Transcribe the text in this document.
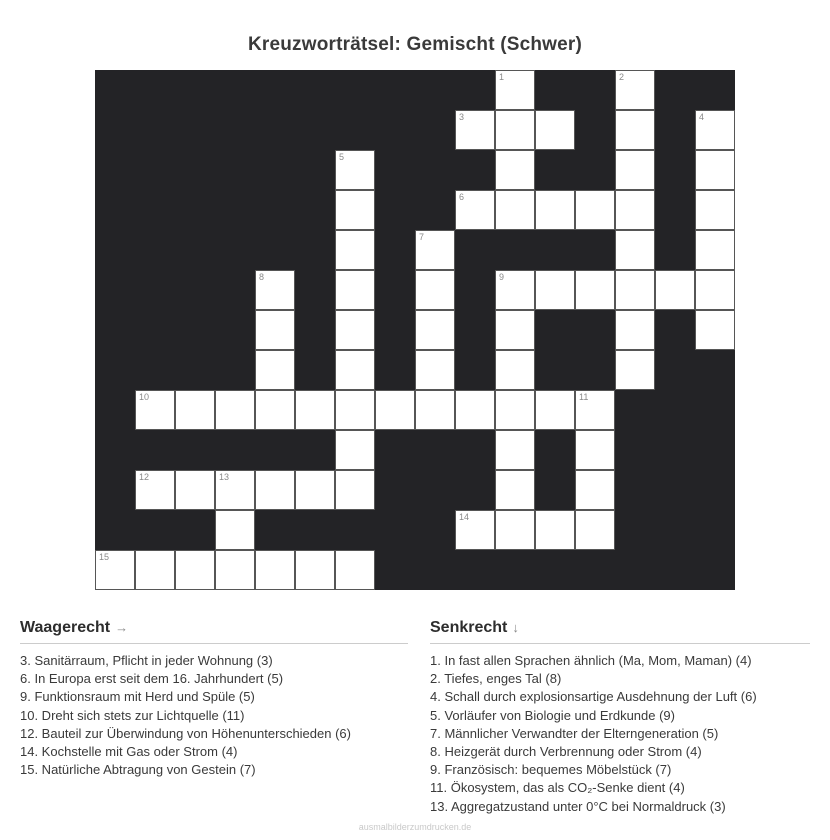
Kreuzworträtsel: Gemischt (Schwer)
1	2
3	4
5
6
7
8	9
10	11
12	13
14
15
Waagerecht →
3. Sanitärraum, Pflicht in jeder Wohnung (3)
6. In Europa erst seit dem 16. Jahrhundert (5)
9. Funktionsraum mit Herd und Spüle (5)
10. Dreht sich stets zur Lichtquelle (11)
12. Bauteil zur Überwindung von Höhenunterschieden (6)
14. Kochstelle mit Gas oder Strom (4)
15. Natürliche Abtragung von Gestein (7)
Senkrecht ↓
1. In fast allen Sprachen ähnlich (Ma, Mom, Maman) (4)
2. Tiefes, enges Tal (8)
4. Schall durch explosionsartige Ausdehnung der Luft (6)
5. Vorläufer von Biologie und Erdkunde (9)
7. Männlicher Verwandter der Elterngeneration (5)
8. Heizgerät durch Verbrennung oder Strom (4)
9. Französisch: bequemes Möbelstück (7)
11. Ökosystem, das als CO₂-Senke dient (4)
13. Aggregatzustand unter 0°C bei Normaldruck (3)
ausmalbilderzumdrucken.de
